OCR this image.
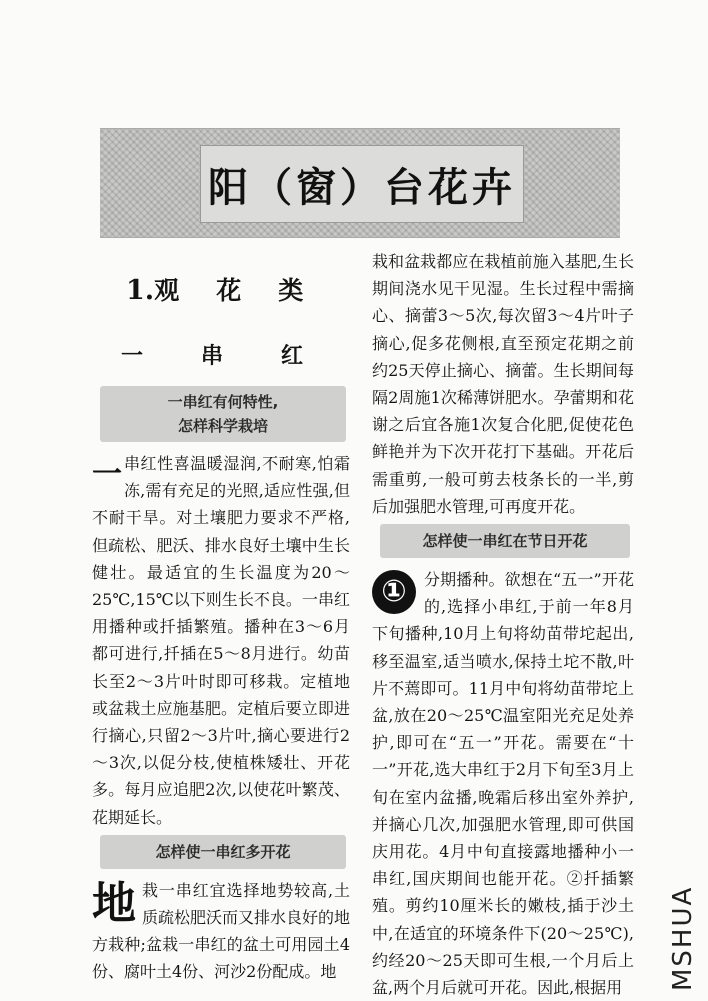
阳（窗）台花卉
1.观　花　类
一　串　红
一串红有何特性,
怎样科学栽培

一串红性喜温暖湿润,不耐寒,怕霜冻,需有充足的光照,适应性强,但不耐干旱。对土壤肥力要求不严格,但疏松、肥沃、排水良好土壤中生长健壮。最适宜的生长温度为20～25℃,15℃以下则生长不良。一串红用播种或扦插繁殖。播种在3～6月都可进行,扦插在5～8月进行。幼苗长至2～3片叶时即可移栽。定植地或盆栽土应施基肥。定植后要立即进行摘心,只留2～3片叶,摘心要进行2～3次,以促分枝,使植株矮壮、开花多。每月应追肥2次,以使花叶繁茂、花期延长。

怎样使一串红多开花

地栽一串红宜选择地势较高,土质疏松肥沃而又排水良好的地方栽种;盆栽一串红的盆土可用园土4份、腐叶土4份、河沙2份配成。地

栽和盆栽都应在栽植前施入基肥,生长期间浇水见干见湿。生长过程中需摘心、摘蕾3～5次,每次留3～4片叶子摘心,促多花侧根,直至预定花期之前约25天停止摘心、摘蕾。生长期间每隔2周施1次稀薄饼肥水。孕蕾期和花谢之后宜各施1次复合化肥,促使花色鲜艳并为下次开花打下基础。开花后需重剪,一般可剪去枝条长的一半,剪后加强肥水管理,可再度开花。

怎样使一串红在节日开花

①	分期播种。欲想在“五一”开花的,选择小串红,于前一年8月下旬播种,10月上旬将幼苗带坨起出,移至温室,适当喷水,保持土坨不散,叶片不蔫即可。11月中旬将幼苗带坨上盆,放在20～25℃温室阳光充足处养护,即可在“五一”开花。需要在“十一”开花,选大串红于2月下旬至3月上旬在室内盆播,晚霜后移出室外养护,并摘心几次,加强肥水管理,即可供国庆用花。4月中旬直接露地播种小一串红,国庆期间也能开花。②扦插繁殖。剪约10厘米长的嫩枝,插于沙土中,在适宜的环境条件下(20～25℃),约经20～25天即可生根,一个月后上盆,两个月后就可开花。因此,根据用	MSHUA
